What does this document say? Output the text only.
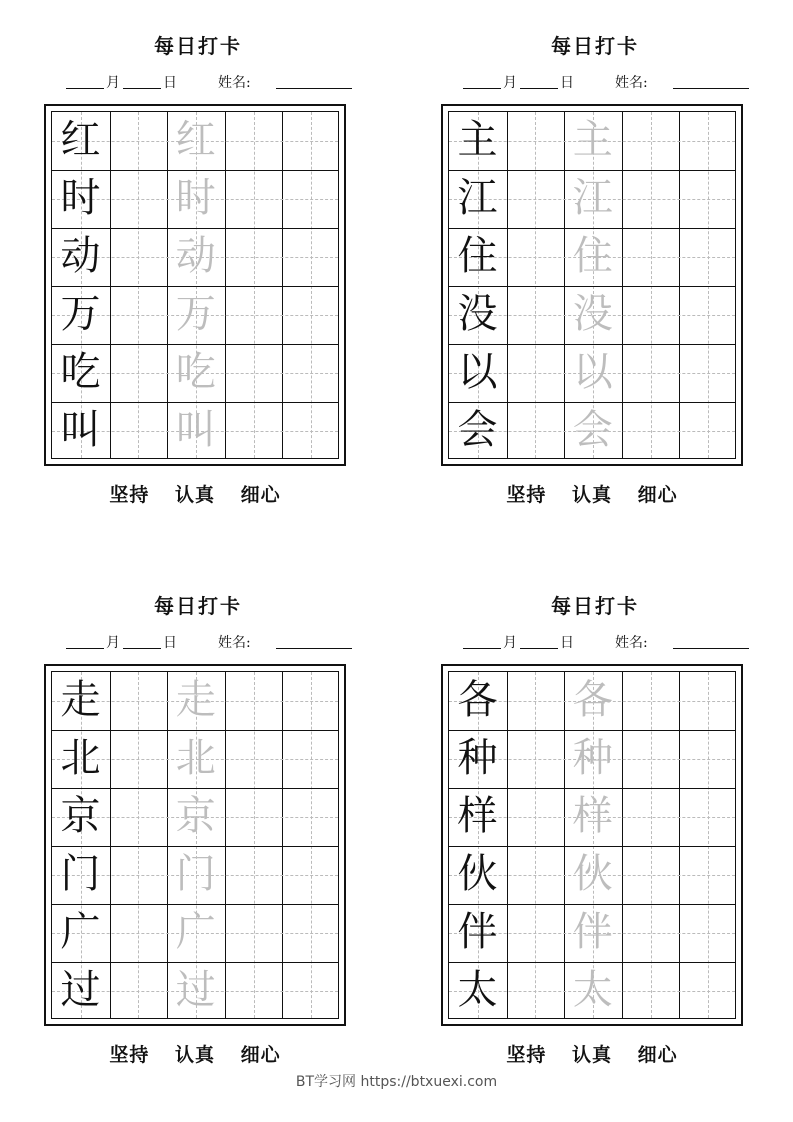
每日打卡
月	日	姓名:
红 红
时 时
动 动
万 万
吃 吃
叫 叫
坚持 认真 细心
每日打卡
月	日	姓名:
主 主
江 江
住 住
没 没
以 以
会 会
坚持 认真 细心
每日打卡
月	日	姓名:
走 走
北 北
京 京
门 门
广 广
过 过
坚持 认真 细心
每日打卡
月	日	姓名:
各 各
种 种
样 样
伙 伙
伴 伴
太 太
坚持 认真 细心
BT学习网 https://btxuexi.com
